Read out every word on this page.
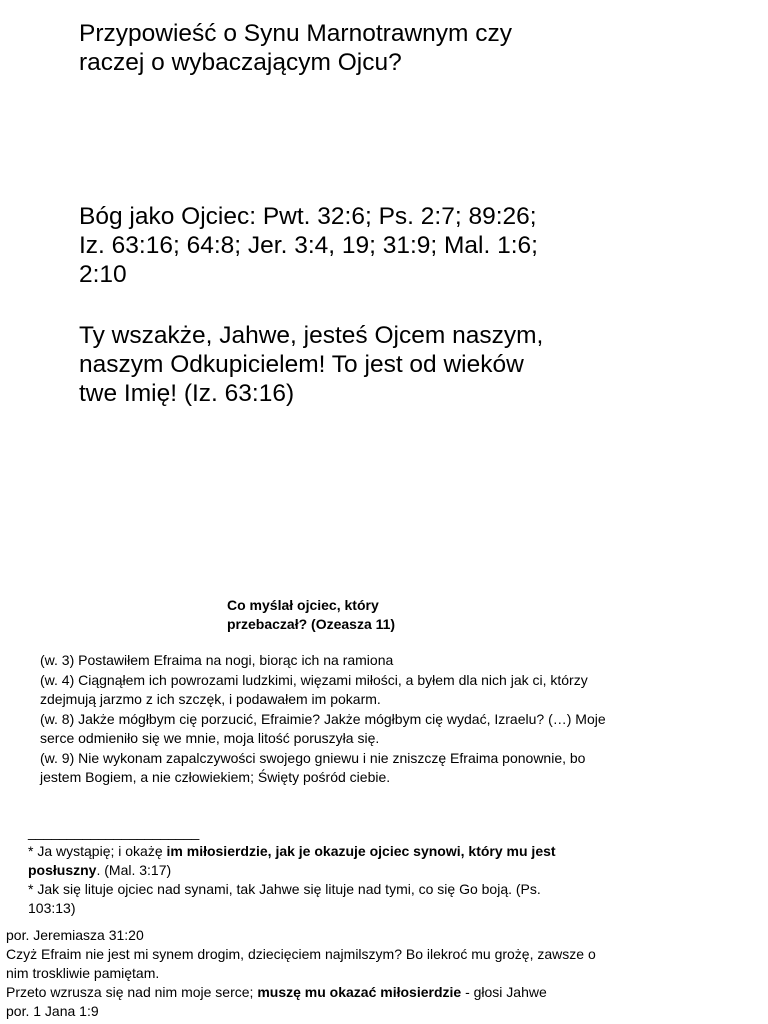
Przypowieść o Synu Marnotrawnym czy
raczej o wybaczającym Ojcu?
Bóg jako Ojciec: Pwt. 32:6; Ps. 2:7; 89:26;
Iz. 63:16; 64:8; Jer. 3:4, 19; 31:9; Mal. 1:6;
2:10
Ty wszakże, Jahwe, jesteś Ojcem naszym,
naszym Odkupicielem! To jest od wieków
twe Imię! (Iz. 63:16)
Co myślał ojciec, który
przebaczał? (Ozeasza 11)
(w. 3) Postawiłem Efraima na nogi, biorąc ich na ramiona
(w. 4) Ciągnąłem ich powrozami ludzkimi, więzami miłości, a byłem dla nich jak ci, którzy
zdejmują jarzmo z ich szczęk, i podawałem im pokarm.
(w. 8) Jakże mógłbym cię porzucić, Efraimie? Jakże mógłbym cię wydać, Izraelu? (…) Moje
serce odmieniło się we mnie, moja litość poruszyła się.
(w. 9) Nie wykonam zapalczywości swojego gniewu i nie zniszczę Efraima ponownie, bo
jestem Bogiem, a nie człowiekiem; Święty pośród ciebie.
______________________
* Ja wystąpię; i okażę im miłosierdzie, jak je okazuje ojciec synowi, który mu jest
posłuszny. (Mal. 3:17)
* Jak się lituje ojciec nad synami, tak Jahwe się lituje nad tymi, co się Go boją. (Ps.
103:13)
por. Jeremiasza 31:20
Czyż Efraim nie jest mi synem drogim, dziecięciem najmilszym? Bo ilekroć mu grożę, zawsze o
nim troskliwie pamiętam.
Przeto wzrusza się nad nim moje serce; muszę mu okazać miłosierdzie - głosi Jahwe
por. 1 Jana 1:9
